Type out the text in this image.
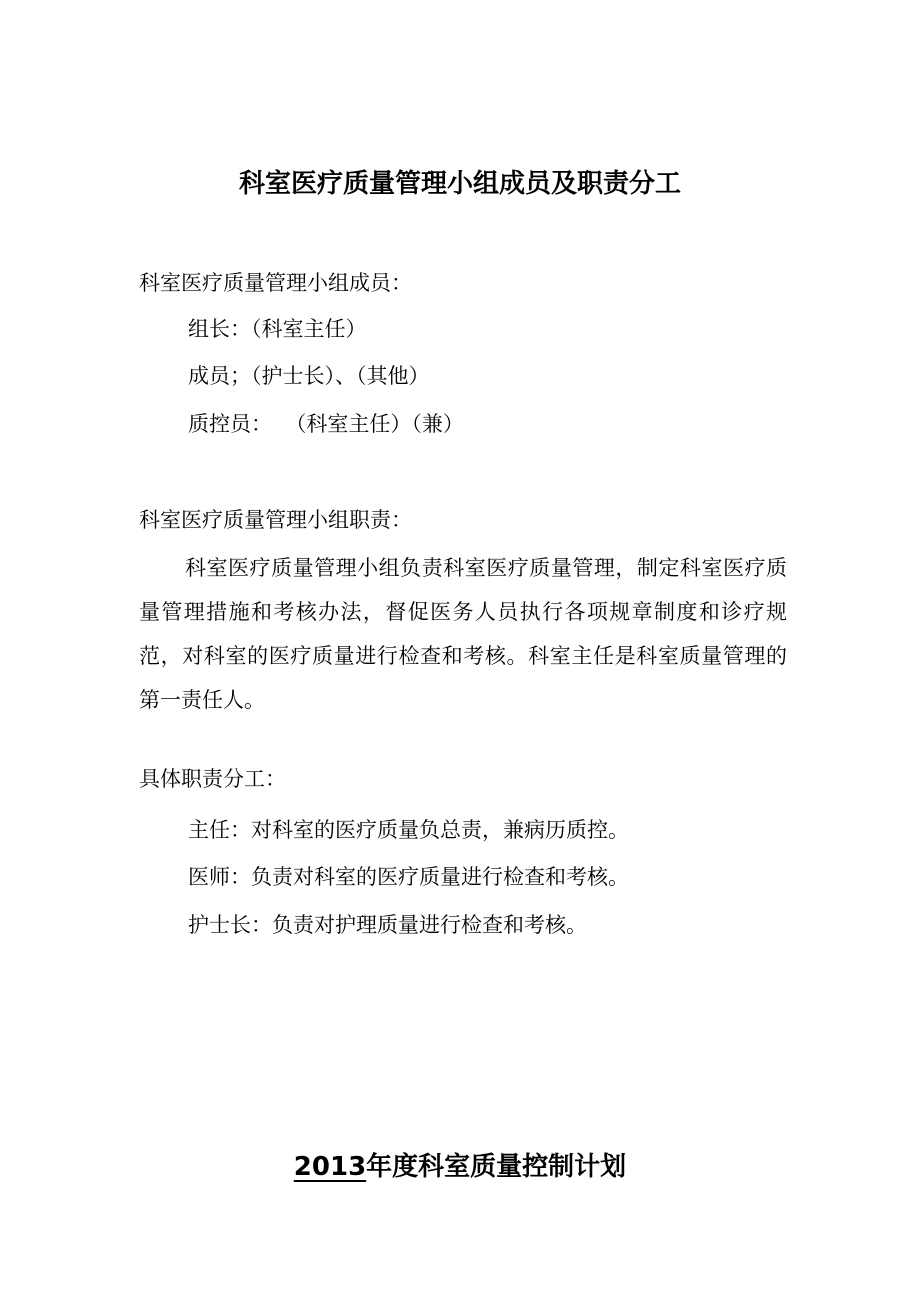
科室医疗质量管理小组成员及职责分工
科室医疗质量管理小组成员：
组长：（科室主任）
成员；（护士长）、（其他）
质控员：  （科室主任）（兼）
科室医疗质量管理小组职责：
科室医疗质量管理小组负责科室医疗质量管理，制定科室医疗质量管理措施和考核办法，督促医务人员执行各项规章制度和诊疗规范，对科室的医疗质量进行检查和考核。科室主任是科室质量管理的第一责任人。
具体职责分工：
主任：对科室的医疗质量负总责，兼病历质控。
医师：负责对科室的医疗质量进行检查和考核。
护士长：负责对护理质量进行检查和考核。
2013年度科室质量控制计划
